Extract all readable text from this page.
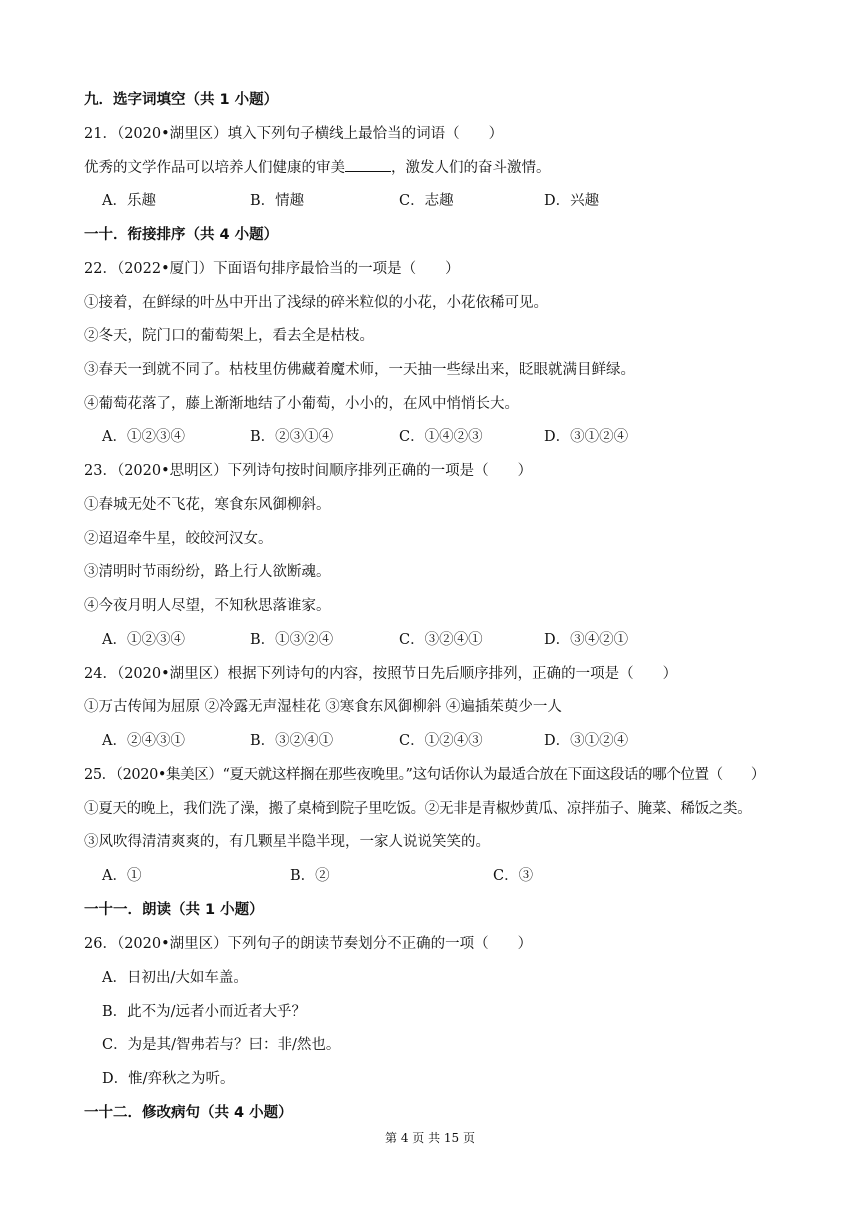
九．选字词填空（共 1 小题）
21．（2020•湖里区）填入下列句子横线上最恰当的词语（　　）
优秀的文学作品可以培养人们健康的审美	，激发人们的奋斗激情。
A．乐趣	B．情趣	C．志趣	D．兴趣
一十．衔接排序（共 4 小题）
22．（2022•厦门）下面语句排序最恰当的一项是（　　）
①接着，在鲜绿的叶丛中开出了浅绿的碎米粒似的小花，小花依稀可见。
②冬天，院门口的葡萄架上，看去全是枯枝。
③春天一到就不同了。枯枝里仿佛藏着魔术师，一天抽一些绿出来，眨眼就满目鲜绿。
④葡萄花落了，藤上渐渐地结了小葡萄，小小的，在风中悄悄长大。
A．①②③④	B．②③①④	C．①④②③	D．③①②④
23．（2020•思明区）下列诗句按时间顺序排列正确的一项是（　　）
①春城无处不飞花，寒食东风御柳斜。
②迢迢牵牛星，皎皎河汉女。
③清明时节雨纷纷，路上行人欲断魂。
④今夜月明人尽望，不知秋思落谁家。
A．①②③④	B．①③②④	C．③②④①	D．③④②①
24．（2020•湖里区）根据下列诗句的内容，按照节日先后顺序排列，正确的一项是（　　）
①万古传闻为屈原 ②冷露无声湿桂花 ③寒食东风御柳斜 ④遍插茱萸少一人
A．②④③①	B．③②④①	C．①②④③	D．③①②④
25．（2020•集美区）“夏天就这样搁在那些夜晚里。”这句话你认为最适合放在下面这段话的哪个位置（　　）
①夏天的晚上，我们洗了澡，搬了桌椅到院子里吃饭。②无非是青椒炒黄瓜、凉拌茄子、腌菜、稀饭之类。
③风吹得清清爽爽的，有几颗星半隐半现，一家人说说笑笑的。
A．①	B．②	C．③
一十一．朗读（共 1 小题）
26．（2020•湖里区）下列句子的朗读节奏划分不正确的一项（　　）
A．日初出/大如车盖。
B．此不为/远者小而近者大乎？
C．为是其/智弗若与？曰：非/然也。
D．惟/弈秋之为听。
一十二．修改病句（共 4 小题）
第 4 页 共 15 页
